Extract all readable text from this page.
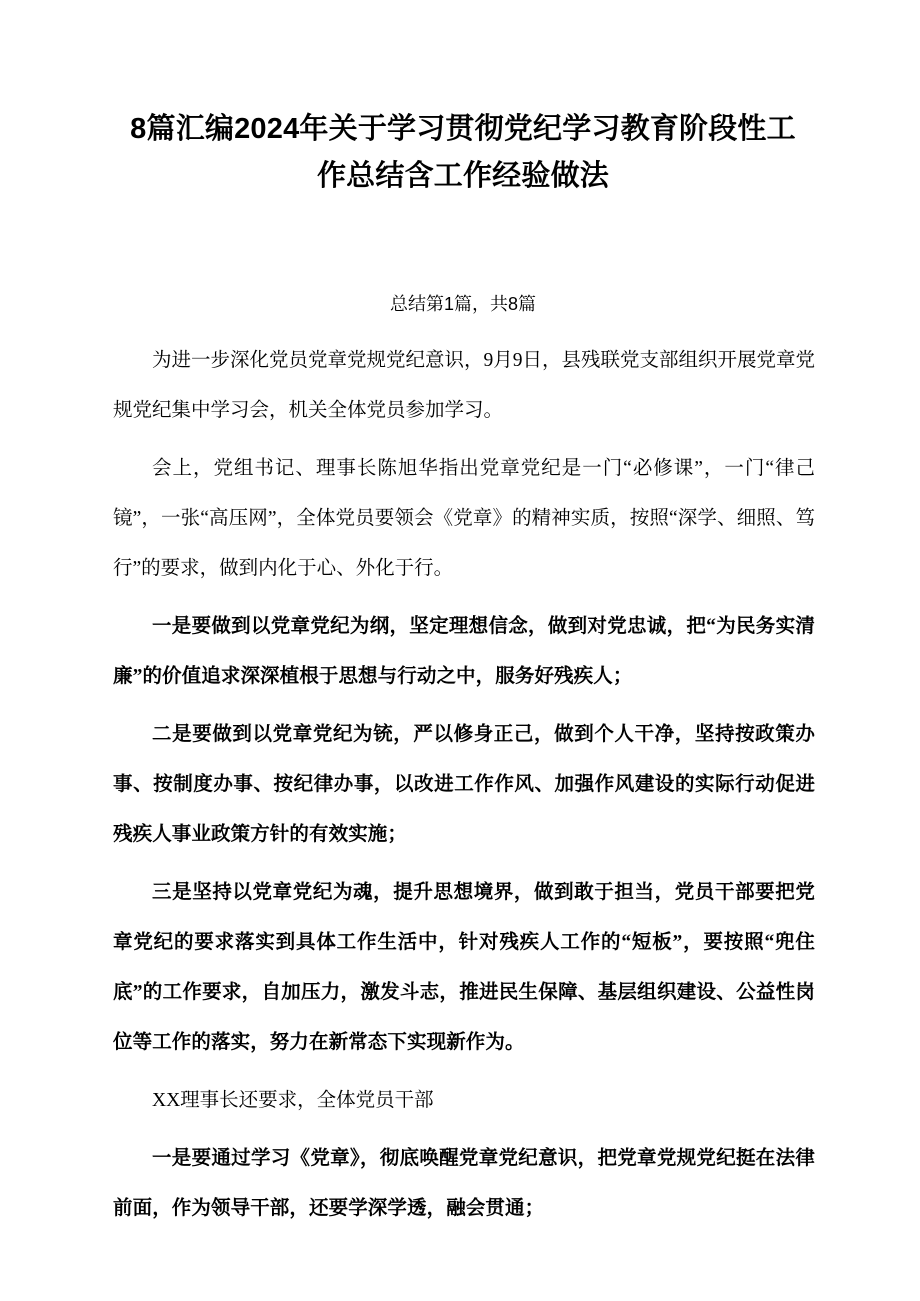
8篇汇编2024年关于学习贯彻党纪学习教育阶段性工作总结含工作经验做法
总结第1篇，共8篇

为进一步深化党员党章党规党纪意识，9月9日，县残联党支部组织开展党章党规党纪集中学习会，机关全体党员参加学习。

会上，党组书记、理事长陈旭华指出党章党纪是一门“必修课”，一门“律己镜”，一张“高压网”，全体党员要领会《党章》的精神实质，按照“深学、细照、笃行”的要求，做到内化于心、外化于行。

一是要做到以党章党纪为纲，坚定理想信念，做到对党忠诚，把“为民务实清廉”的价值追求深深植根于思想与行动之中，服务好残疾人；

二是要做到以党章党纪为铳，严以修身正己，做到个人干净，坚持按政策办事、按制度办事、按纪律办事，以改进工作作风、加强作风建设的实际行动促进残疾人事业政策方针的有效实施；

三是坚持以党章党纪为魂，提升思想境界，做到敢于担当，党员干部要把党章党纪的要求落实到具体工作生活中，针对残疾人工作的“短板”，要按照“兜住底”的工作要求，自加压力，激发斗志，推进民生保障、基层组织建设、公益性岗位等工作的落实，努力在新常态下实现新作为。

XX理事长还要求，全体党员干部

一是要通过学习《党章》，彻底唤醒党章党纪意识，把党章党规党纪挺在法律前面，作为领导干部，还要学深学透，融会贯通；
